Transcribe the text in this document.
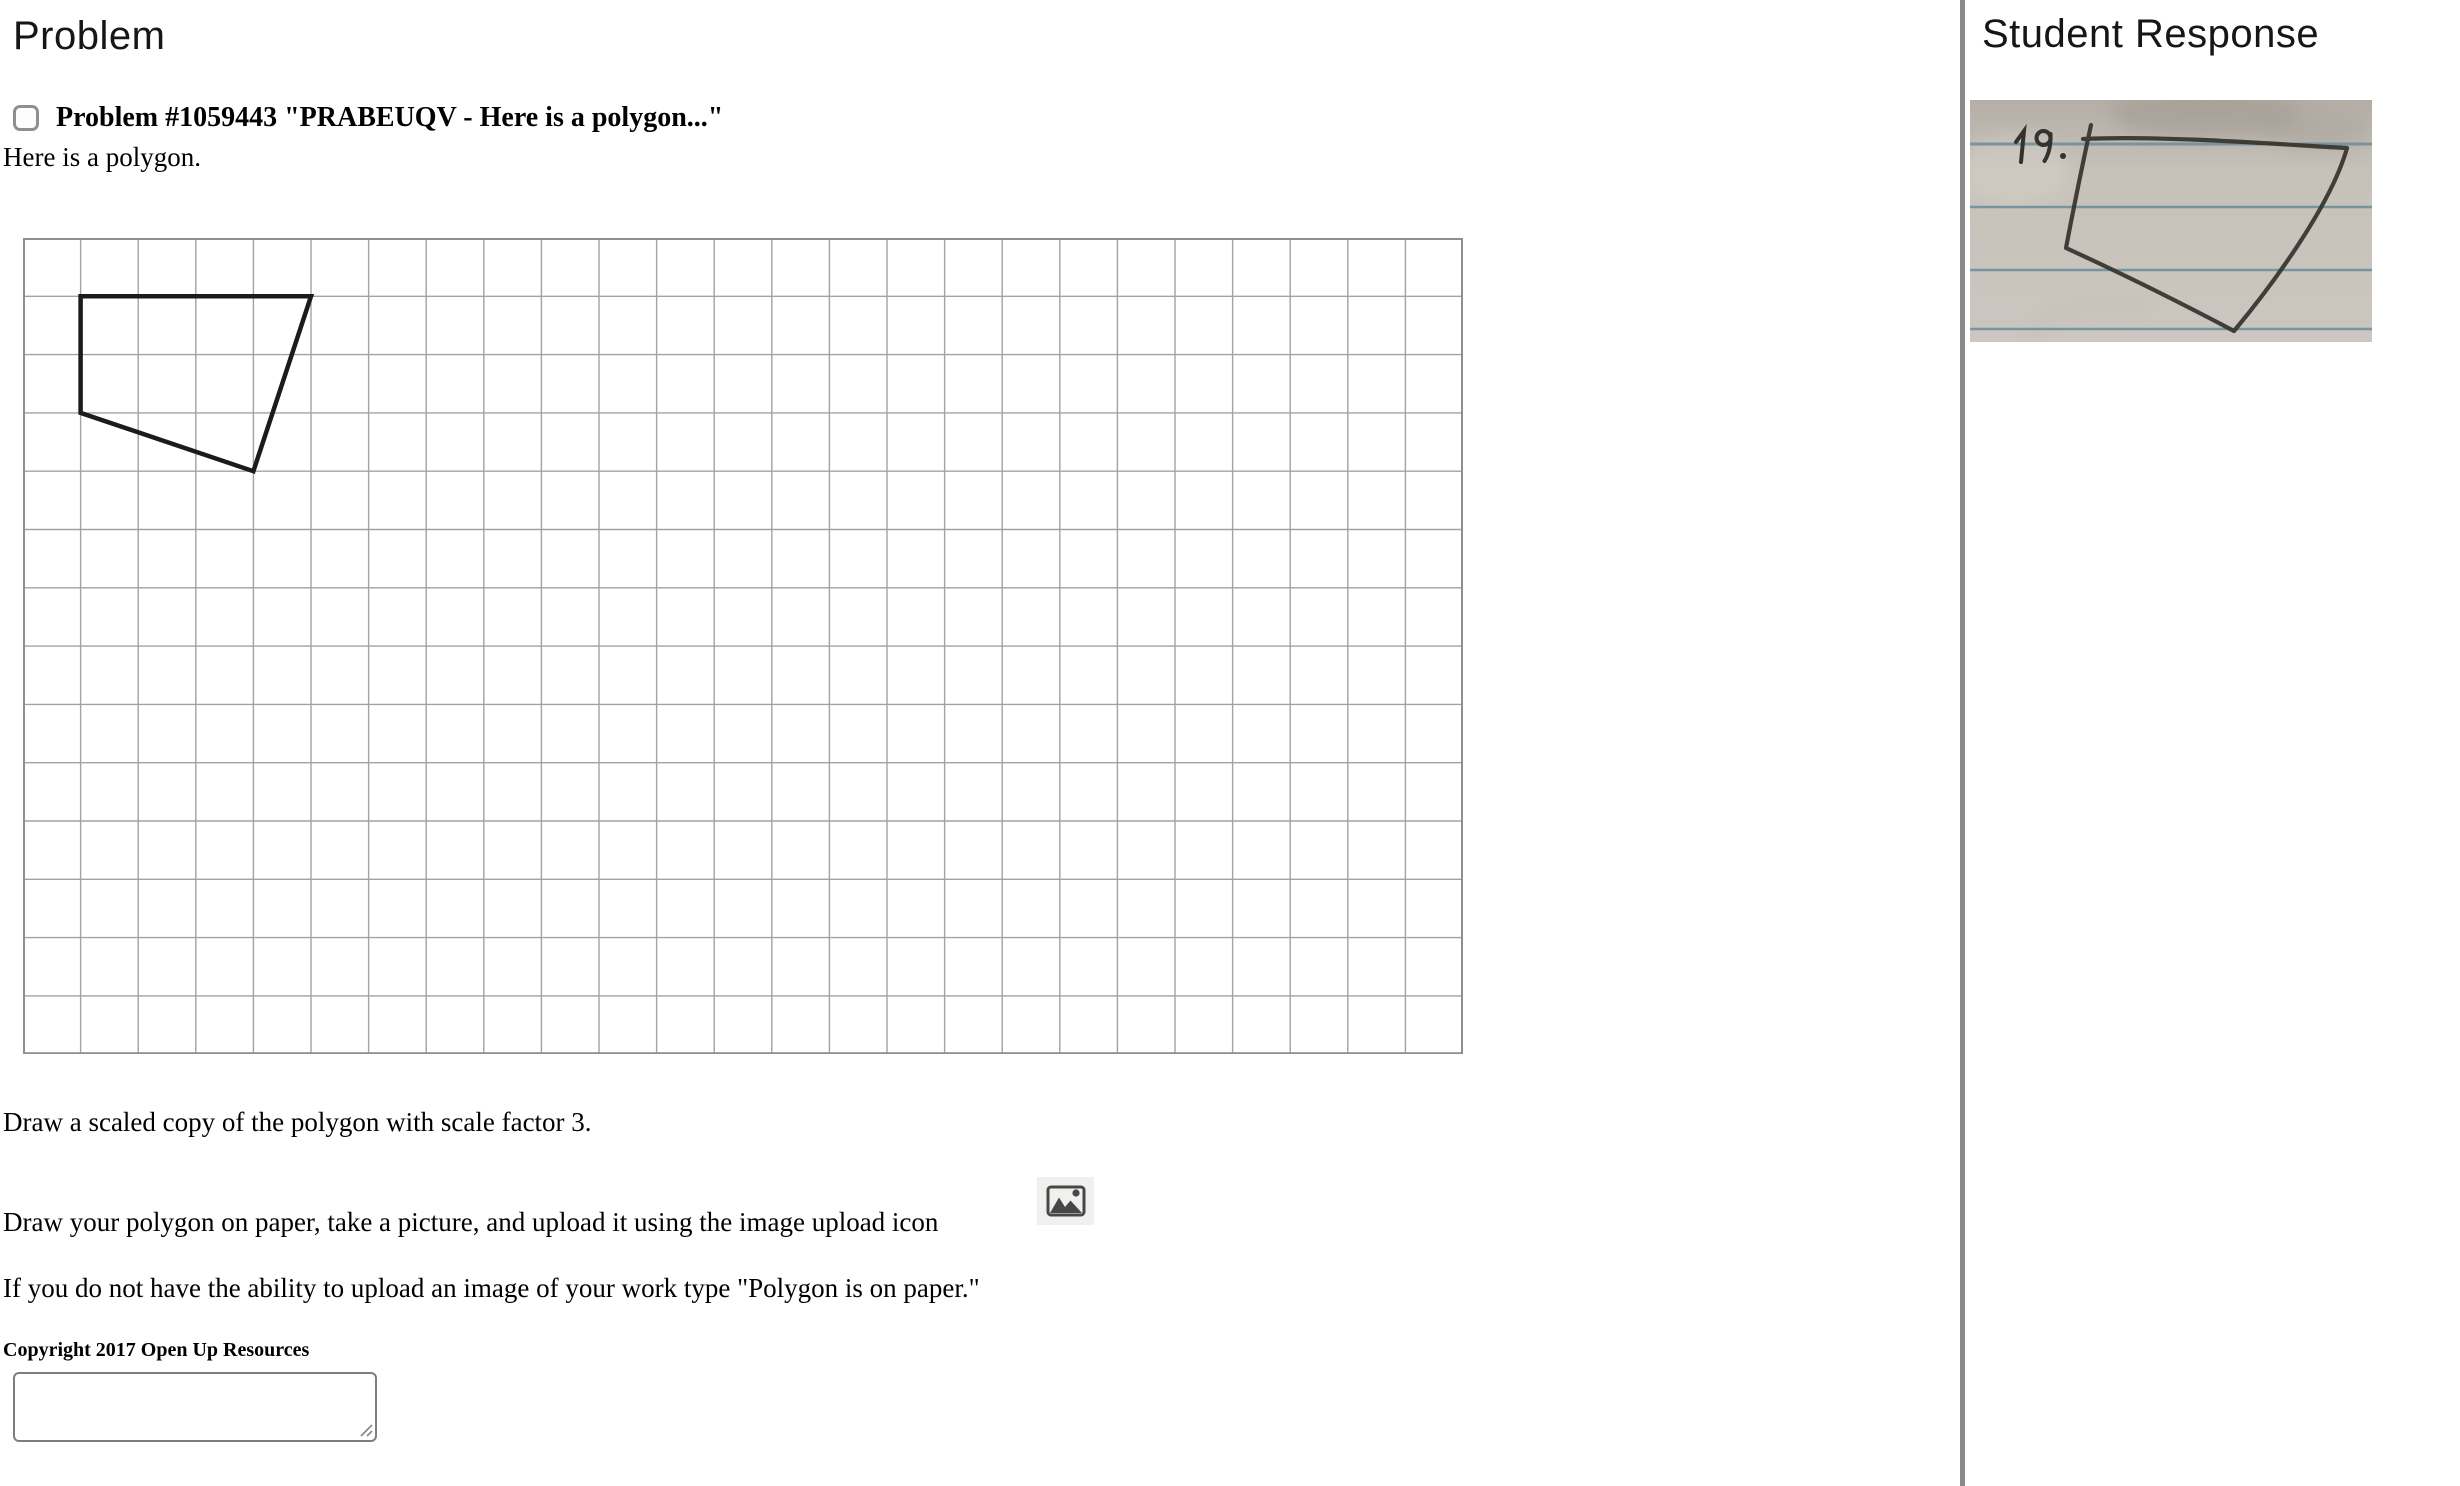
Problem
Problem #1059443 "PRABEUQV - Here is a polygon..."
Here is a polygon.
Draw a scaled copy of the polygon with scale factor 3.
Draw your polygon on paper, take a picture, and upload it using the image upload icon
If you do not have the ability to upload an image of your work type "Polygon is on paper."
Copyright 2017 Open Up Resources
Student Response
